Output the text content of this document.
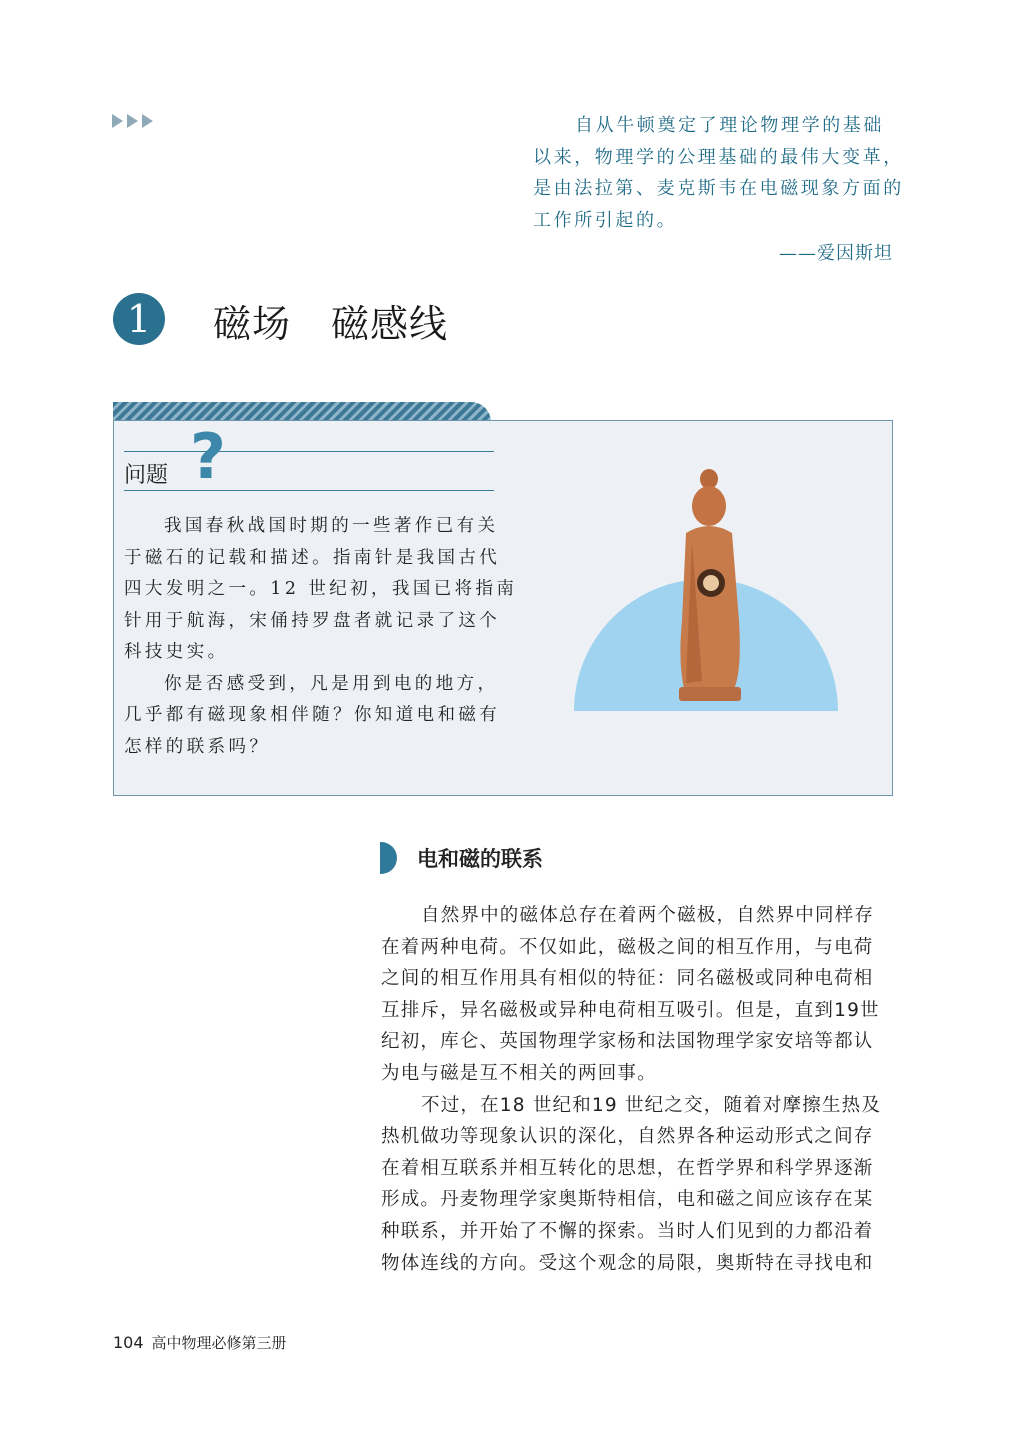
自从牛顿奠定了理论物理学的基础
以来，物理学的公理基础的最伟大变革，
是由法拉第、麦克斯韦在电磁现象方面的
工作所引起的。
——爱因斯坦
1	磁场 磁感线
问题 ?
我国春秋战国时期的一些著作已有关
于磁石的记载和描述。指南针是我国古代
四大发明之一。12 世纪初，我国已将指南
针用于航海，宋俑持罗盘者就记录了这个
科技史实。
你是否感受到，凡是用到电的地方，
几乎都有磁现象相伴随？你知道电和磁有
怎样的联系吗？
电和磁的联系
自然界中的磁体总存在着两个磁极，自然界中同样存
在着两种电荷。不仅如此，磁极之间的相互作用，与电荷
之间的相互作用具有相似的特征：同名磁极或同种电荷相
互排斥，异名磁极或异种电荷相互吸引。但是，直到19世
纪初，库仑、英国物理学家杨和法国物理学家安培等都认
为电与磁是互不相关的两回事。
不过，在18 世纪和19 世纪之交，随着对摩擦生热及
热机做功等现象认识的深化，自然界各种运动形式之间存
在着相互联系并相互转化的思想，在哲学界和科学界逐渐
形成。丹麦物理学家奥斯特相信，电和磁之间应该存在某
种联系，并开始了不懈的探索。当时人们见到的力都沿着
物体连线的方向。受这个观念的局限，奥斯特在寻找电和
104 高中物理必修第三册
